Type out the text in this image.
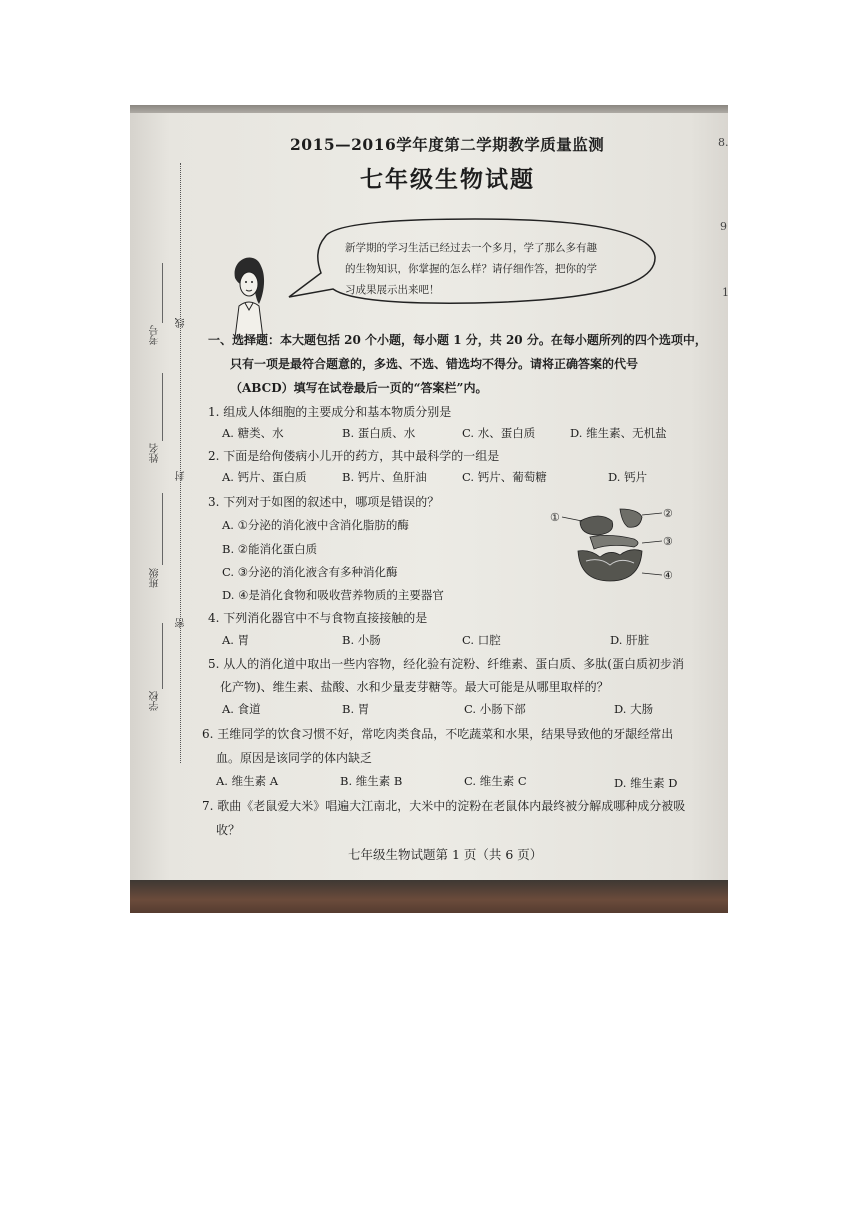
考号
线
姓名
封
班级
密
学校
2015—2016学年度第二学期教学质量监测
七年级生物试题
新学期的学习生活已经过去一个多月，学了那么多有趣的生物知识，你掌握的怎么样？请仔细作答，把你的学习成果展示出来吧！
一、选择题：本大题包括 20 个小题，每小题 1 分，共 20 分。在每小题所列的四个选项中，
只有一项是最符合题意的，多选、不选、错选均不得分。请将正确答案的代号
（ABCD）填写在试卷最后一页的“答案栏”内。
1. 组成人体细胞的主要成分和基本物质分别是
A. 糖类、水	B. 蛋白质、水	C. 水、蛋白质	D. 维生素、无机盐
2. 下面是给佝偻病小儿开的药方，其中最科学的一组是
A. 钙片、蛋白质	B. 钙片、鱼肝油	C. 钙片、葡萄糖	D. 钙片
3. 下列对于如图的叙述中，哪项是错误的？
A. ①分泌的消化液中含消化脂肪的酶
B. ②能消化蛋白质
C. ③分泌的消化液含有多种消化酶
D. ④是消化食物和吸收营养物质的主要器官
①	②
③
④
4. 下列消化器官中不与食物直接接触的是
A. 胃	B. 小肠	C. 口腔	D. 肝脏
5. 从人的消化道中取出一些内容物，经化验有淀粉、纤维素、蛋白质、多肽(蛋白质初步消
化产物)、维生素、盐酸、水和少量麦芽糖等。最大可能是从哪里取样的？
A. 食道	B. 胃	C. 小肠下部	D. 大肠
6. 王维同学的饮食习惯不好，常吃肉类食品，不吃蔬菜和水果，结果导致他的牙龈经常出
血。原因是该同学的体内缺乏
A. 维生素 A	B. 维生素 B	C. 维生素 C	D. 维生素 D
7. 歌曲《老鼠爱大米》唱遍大江南北，大米中的淀粉在老鼠体内最终被分解成哪种成分被吸
收？
七年级生物试题第 1 页（共 6 页）
8.
9
1
